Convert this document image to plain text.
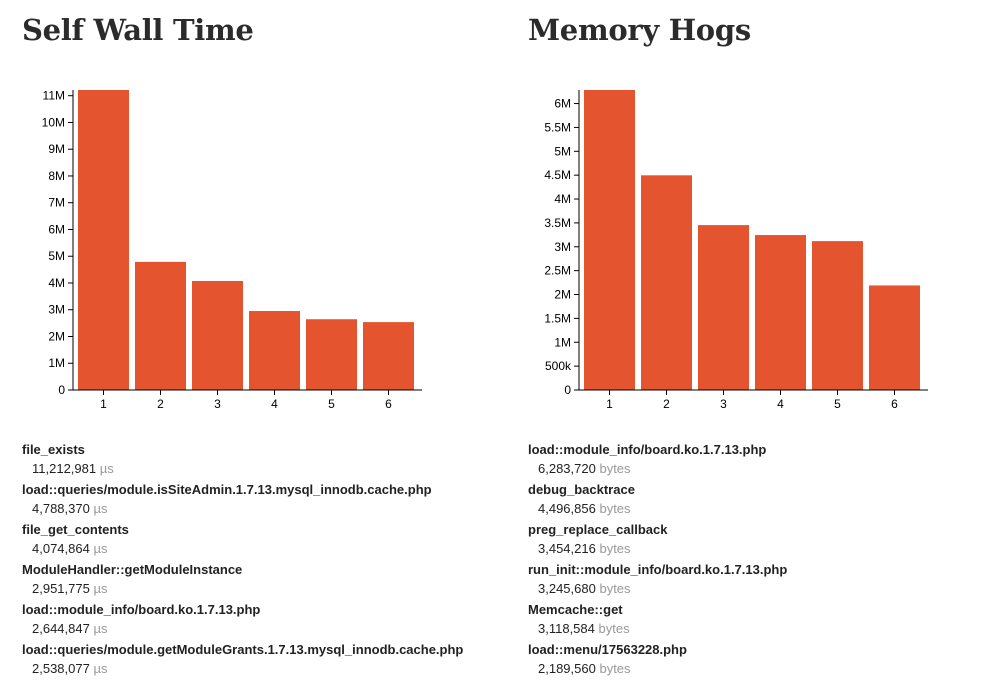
Self Wall Time
0
1M
2M
3M
4M
5M
6M
7M
8M
9M
10M
11M
1	2	3	4	5	6
file_exists
11,212,981 µs
load::queries/module.isSiteAdmin.1.7.13.mysql_innodb.cache.php
4,788,370 µs
file_get_contents
4,074,864 µs
ModuleHandler::getModuleInstance
2,951,775 µs
load::module_info/board.ko.1.7.13.php
2,644,847 µs
load::queries/module.getModuleGrants.1.7.13.mysql_innodb.cache.php
2,538,077 µs
Memory Hogs
0
500k
1M
1.5M
2M
2.5M
3M
3.5M
4M
4.5M
5M
5.5M
6M
1	2	3	4	5	6
load::module_info/board.ko.1.7.13.php
6,283,720 bytes
debug_backtrace
4,496,856 bytes
preg_replace_callback
3,454,216 bytes
run_init::module_info/board.ko.1.7.13.php
3,245,680 bytes
Memcache::get
3,118,584 bytes
load::menu/17563228.php
2,189,560 bytes
